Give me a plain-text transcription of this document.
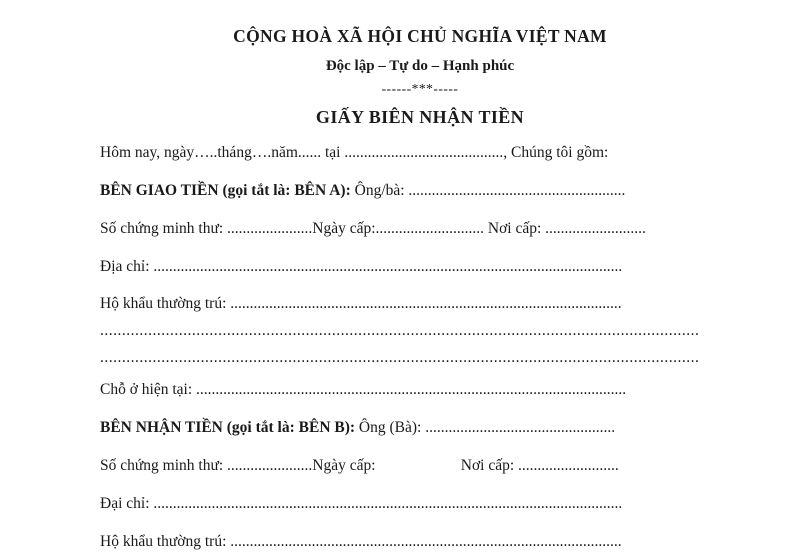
CỘNG HOÀ XÃ HỘI CHỦ NGHĨA VIỆT NAM
Độc lập – Tự do – Hạnh phúc
------***-----
GIẤY BIÊN NHẬN TIỀN
Hôm nay, ngày…..tháng….năm...... tại ........................................., Chúng tôi gồm:
BÊN GIAO TIỀN (gọi tắt là: BÊN A): Ông/bà: ........................................................
Số chứng minh thư: ......................Ngày cấp:............................ Nơi cấp: ..........................
Địa chỉ: .........................................................................................................................
Hộ khẩu thường trú: .....................................................................................................
.........................................................................................................................................
.........................................................................................................................................
Chỗ ở hiện tại: ...............................................................................................................
BÊN NHẬN TIỀN (gọi tắt là: BÊN B): Ông (Bà): .................................................
Số chứng minh thư: ......................Ngày cấp:                      Nơi cấp: ..........................
Đại chỉ: .........................................................................................................................
Hộ khẩu thường trú: .....................................................................................................
